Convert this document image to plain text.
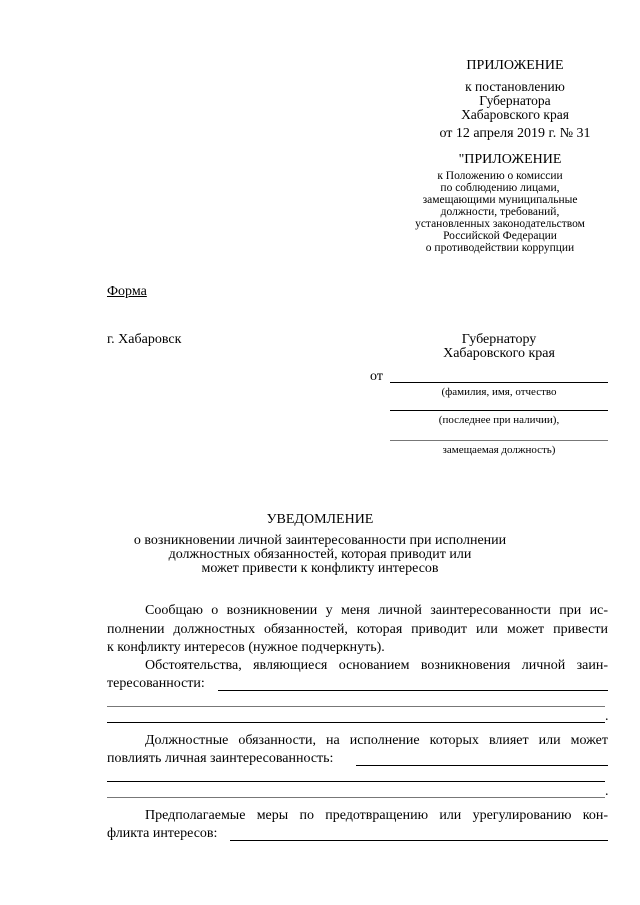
ПРИЛОЖЕНИЕ
к постановлению
Губернатора
Хабаровского края
от 12 апреля 2019 г. № 31
"ПРИЛОЖЕНИЕ
к Положению о комиссии
по соблюдению лицами,
замещающими муниципальные
должности, требований,
установленных законодательством
Российской Федерации
о противодействии коррупции
Форма
г. Хабаровск	Губернатору
Хабаровского края
от
(фамилия, имя, отчество
(последнее при наличии),
замещаемая должность)
УВЕДОМЛЕНИЕ
о возникновении личной заинтересованности при исполнении
должностных обязанностей, которая приводит или
может привести к конфликту интересов
Сообщаю о возникновении у меня личной заинтересованности при ис-
полнении должностных обязанностей, которая приводит или может привести
к конфликту интересов (нужное подчеркнуть).
Обстоятельства, являющиеся основанием возникновения личной заин-
тересованности:
.
Должностные обязанности, на исполнение которых влияет или может
повлиять личная заинтересованность:
.
Предполагаемые меры по предотвращению или урегулированию кон-
фликта интересов:
